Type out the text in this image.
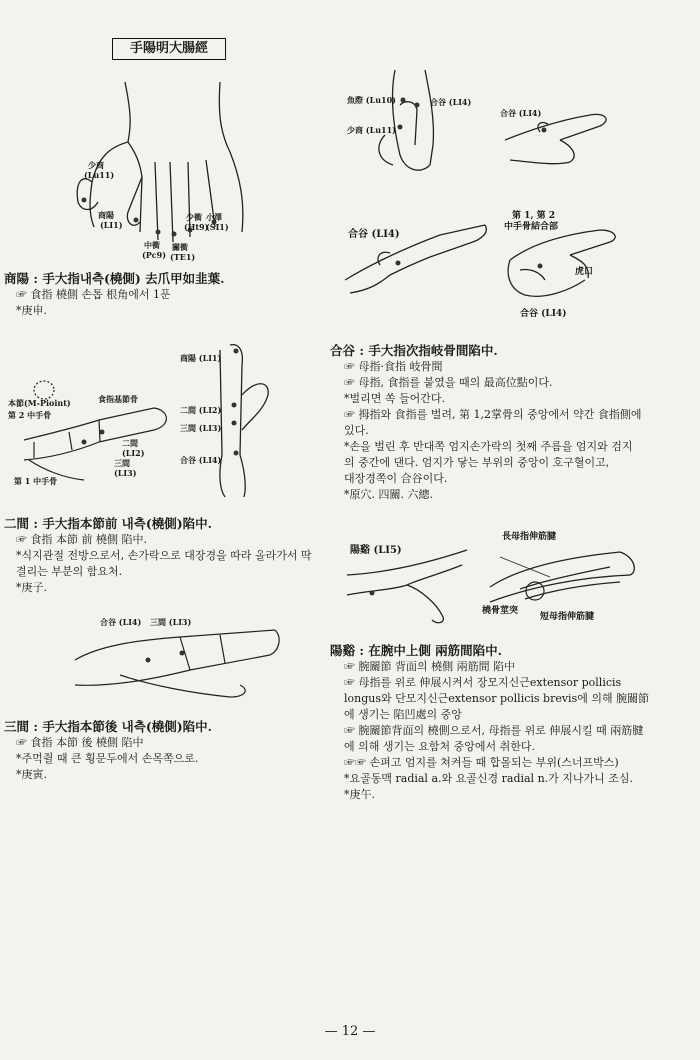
手陽明大腸經
少商
(Lu11)
商陽
(LI1)
中衝
(Pc9)
關衝
(TE1)
少衝
(Ht9)
小澤
(SI1)
商陽 : 手大指내측(橈側) 去爪甲如韭葉.
☞ 食指 橈側 손톱 根角에서 1푼
*庚申.
本節(M-Pioint)
第 2 中手骨
食指基節骨
二間
(LI2)
三間
(LI3)
第 1 中手骨
商陽 (LI1)
二間 (LI2)
三間 (LI3)
合谷 (LI4)
二間 : 手大指本節前 내측(橈側)陷中.
☞ 食指 本節 前 橈側 陷中.
*식지관절 전방으로서, 손가락으로 대장경을 따라 올라가서 딱
결리는 부분의 함요처.
*庚子.
合谷 (LI4) 三間 (LI3)
三間 : 手大指本節後 내측(橈側)陷中.
☞ 食指 本節 後 橈側 陷中
*주먹쥘 때 큰 횡문두에서 손목쪽으로.
*庚寅.
魚際 (Lu10)	合谷 (LI4)
少商 (Lu11)
合谷 (LI4)
第 1, 第 2
中手骨結合部
虎口
合谷 (LI4)
合谷 (LI4)
合谷 : 手大指次指岐骨間陷中.
☞ 母指·食指 岐骨間
☞ 母指, 食指를 붙였을 때의 最高位點이다.
*벌리면 쏙 들어간다.
☞ 拇指와 食指를 벌려, 第 1,2掌骨의 중앙에서 약간 食指側에
있다.
*손을 벌린 후 반대쪽 엄지손가락의 첫째 주름을 엄지와 검지
의 중간에 댄다. 엄지가 닿는 부위의 중앙이 호구혈이고,
대장경쪽이 合谷이다.
*原穴. 四關. 六總.
陽谿 (LI5)
長母指伸筋腱
橈骨莖突
短母指伸筋腱
陽谿 : 在腕中上側 兩筋間陷中.
☞ 腕關節 背面의 橈側 兩筋間 陷中
☞ 母指를 위로 伸展시켜서 장모지신근extensor pollicis
longus와 단모지신근extensor pollicis brevis에 의해 腕關節
에 생기는 陷凹處의 중앙
☞ 腕關節背面의 橈側으로서, 母指를 위로 伸展시킬 때 兩筋腱
에 의해 생기는 요함처 중앙에서 취한다.
☞☞ 손펴고 엄지를 쳐켜들 때 합몰되는 부위(스너프박스)
*요골동맥 radial a.와 요골신경 radial n.가 지나가니 조심.
*庚午.
— 12 —
